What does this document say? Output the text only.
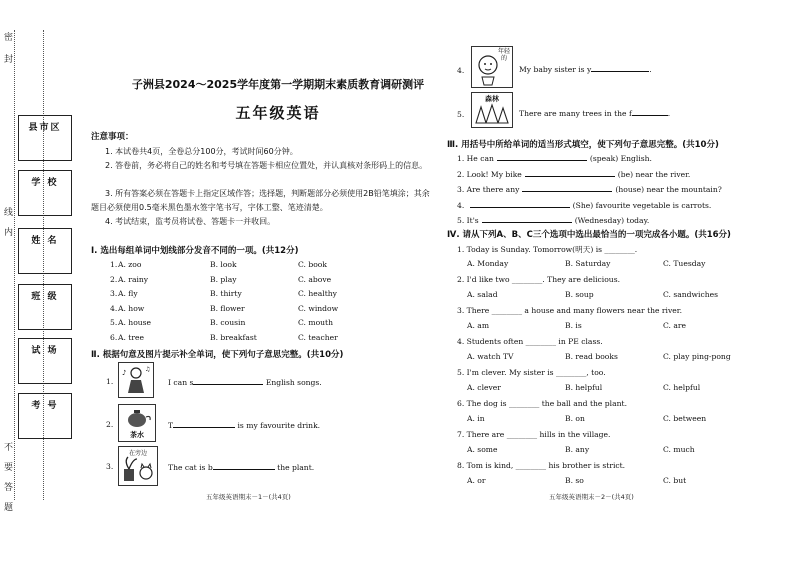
县市区
学 校
姓 名
班 级
试 场
考 号
密
封
线
内
不
要
答
题
子洲县2024～2025学年度第一学期期末素质教育调研测评
五年级英语
注意事项：
1. 本试卷共4页，全卷总分100分，考试时间60分钟。
2. 答卷前，务必将自己的姓名和考号填在答题卡相应位置处，并认真核对条形码上的信息。
3. 所有答案必须在答题卡上指定区域作答；选择题，判断题部分必须使用2B铅笔填涂；其余题目必须使用0.5毫米黑色墨水签字笔书写，字体工整、笔迹清楚。
4. 考试结束，监考员将试卷、答题卡一并收回。
Ⅰ. 选出每组单词中划线部分发音不同的一项。(共12分)
1. A. zoo	B. look	C. book
2. A. rainy	B. play	C. above
3. A. fly	B. thirty	C. healthy
4. A. how	B. flower	C. window
5. A. house	B. cousin	C. mouth
6. A. tree	B. breakfast	C. teacher
Ⅱ. 根据句意及图片提示补全单词，使下列句子意思完整。(共10分)
1.
♪	♫
I can s	English songs.
2.
茶水
T	is my favourite drink.
3.
在旁边
The cat is b	the plant.
五年级英语期末－1－(共4页)
4.
年轻的
My baby sister is y	.
5.
森林
There are many trees in the f	.
Ⅲ. 用括号中所给单词的适当形式填空，使下列句子意思完整。(共10分)
1. He can	(speak) English.
2. Look! My bike	(be) near the river.
3. Are there any	(house) near the mountain?
4.	(She) favourite vegetable is carrots.
5. It's	(Wednesday) today.
Ⅳ. 请从下列A、B、C三个选项中选出最恰当的一项完成各小题。(共16分)
1. Today is Sunday. Tomorrow(明天) is ________.
A. Monday	B. Saturday	C. Tuesday
2. I'd like two ________. They are delicious.
A. salad	B. soup	C. sandwiches
3. There ________ a house and many flowers near the river.
A. am	B. is	C. are
4. Students often ________ in PE class.
A. watch TV	B. read books	C. play ping-pong
5. I'm clever. My sister is ________, too.
A. clever	B. helpful	C. helpful
6. The dog is ________ the ball and the plant.
A. in	B. on	C. between
7. There are ________ hills in the village.
A. some	B. any	C. much
8. Tom is kind, ________ his brother is strict.
A. or	B. so	C. but
五年级英语期末－2－(共4页)
